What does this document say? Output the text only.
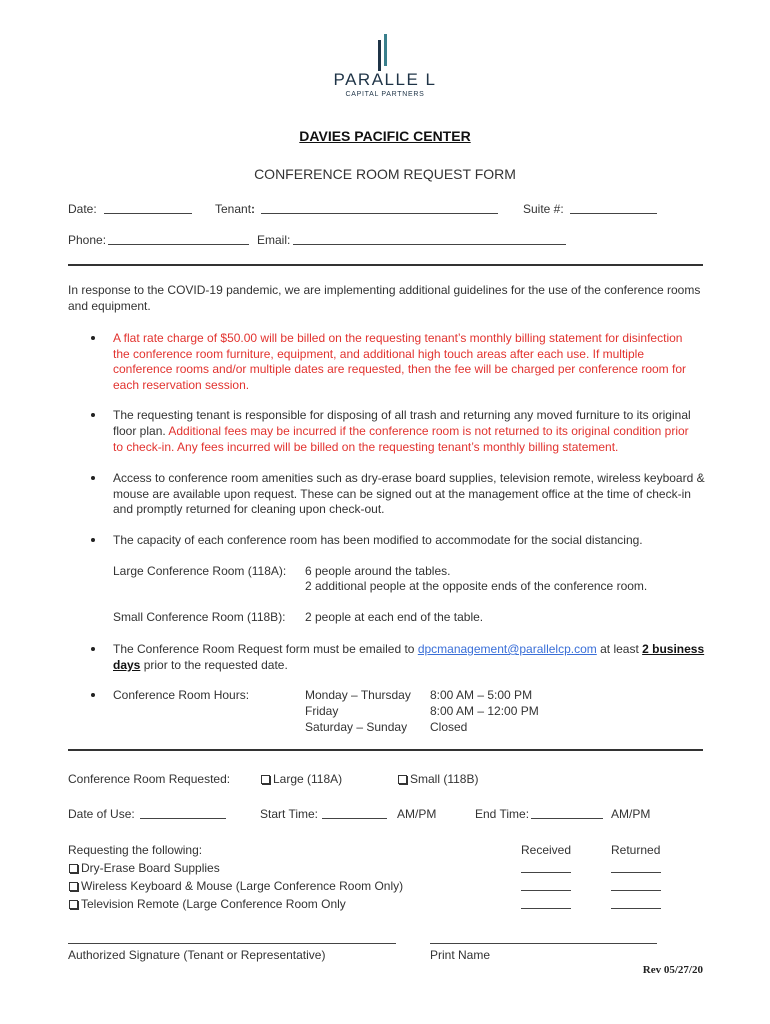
PARALLE L
CAPITAL PARTNERS
DAVIES PACIFIC CENTER
CONFERENCE ROOM REQUEST FORM
Date:	Tenant:	Suite #:
Phone:	Email:
In response to the COVID-19 pandemic, we are implementing additional guidelines for the use of the conference rooms
and equipment.
A flat rate charge of $50.00 will be billed on the requesting tenant’s monthly billing statement for disinfection
the conference room furniture, equipment, and additional high touch areas after each use. If multiple
conference rooms and/or multiple dates are requested, then the fee will be charged per conference room for
each reservation session.
The requesting tenant is responsible for disposing of all trash and returning any moved furniture to its original
floor plan. Additional fees may be incurred if the conference room is not returned to its original condition prior
to check-in. Any fees incurred will be billed on the requesting tenant’s monthly billing statement.
Access to conference room amenities such as dry-erase board supplies, television remote, wireless keyboard &
mouse are available upon request. These can be signed out at the management office at the time of check-in
and promptly returned for cleaning upon check-out.
The capacity of each conference room has been modified to accommodate for the social distancing.
Large Conference Room (118A): 6 people around the tables.
2 additional people at the opposite ends of the conference room.
Small Conference Room (118B): 2 people at each end of the table.
The Conference Room Request form must be emailed to dpcmanagement@parallelcp.com at least 2 business
days prior to the requested date.
Conference Room Hours:	Monday – Thursday 8:00 AM – 5:00 PM
Friday	8:00 AM – 12:00 PM
Saturday – Sunday Closed
Conference Room Requested:	Large (118A)	Small (118B)
Date of Use:	Start Time:	AM/PM	End Time:	AM/PM
Requesting the following:	Received	Returned
Dry-Erase Board Supplies
Wireless Keyboard & Mouse (Large Conference Room Only)
Television Remote (Large Conference Room Only
Authorized Signature (Tenant or Representative)	Print Name
Rev 05/27/20
